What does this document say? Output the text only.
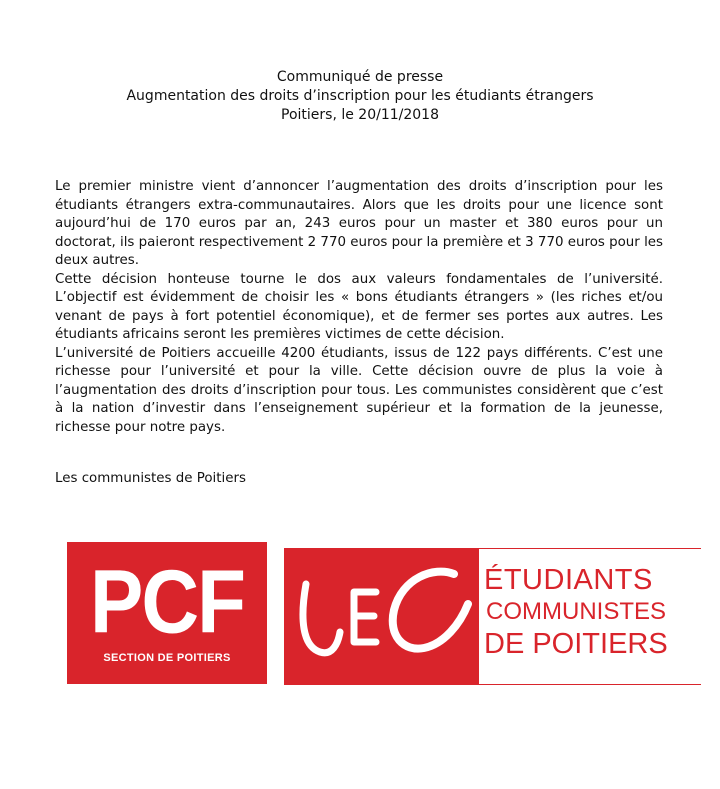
Communiqué de presse
Augmentation des droits d’inscription pour les étudiants étrangers
Poitiers, le 20/11/2018

Le premier ministre vient d’annoncer l’augmentation des droits d’inscription pour les étudiants étrangers extra-communautaires. Alors que les droits pour une licence sont aujourd’hui de 170 euros par an, 243 euros pour un master et 380 euros pour un doctorat, ils paieront respectivement 2 770 euros pour la première et 3 770 euros pour les deux autres.

Cette décision honteuse tourne le dos aux valeurs fondamentales de l’université. L’objectif est évidemment de choisir les « bons étudiants étrangers » (les riches et/ou venant de pays à fort potentiel économique), et de fermer ses portes aux autres. Les étudiants africains seront les premières victimes de cette décision.

L’université de Poitiers accueille 4200 étudiants, issus de 122 pays différents. C’est une richesse pour l’université et pour la ville. Cette décision ouvre de plus la voie à l’augmentation des droits d’inscription pour tous. Les communistes considèrent que c’est à la nation d’investir dans l’enseignement supérieur et la formation de la jeunesse, richesse pour notre pays.

Les communistes de Poitiers
PCF
SECTION DE POITIERS
ÉTUDIANTS
COMMUNISTES
DE POITIERS
